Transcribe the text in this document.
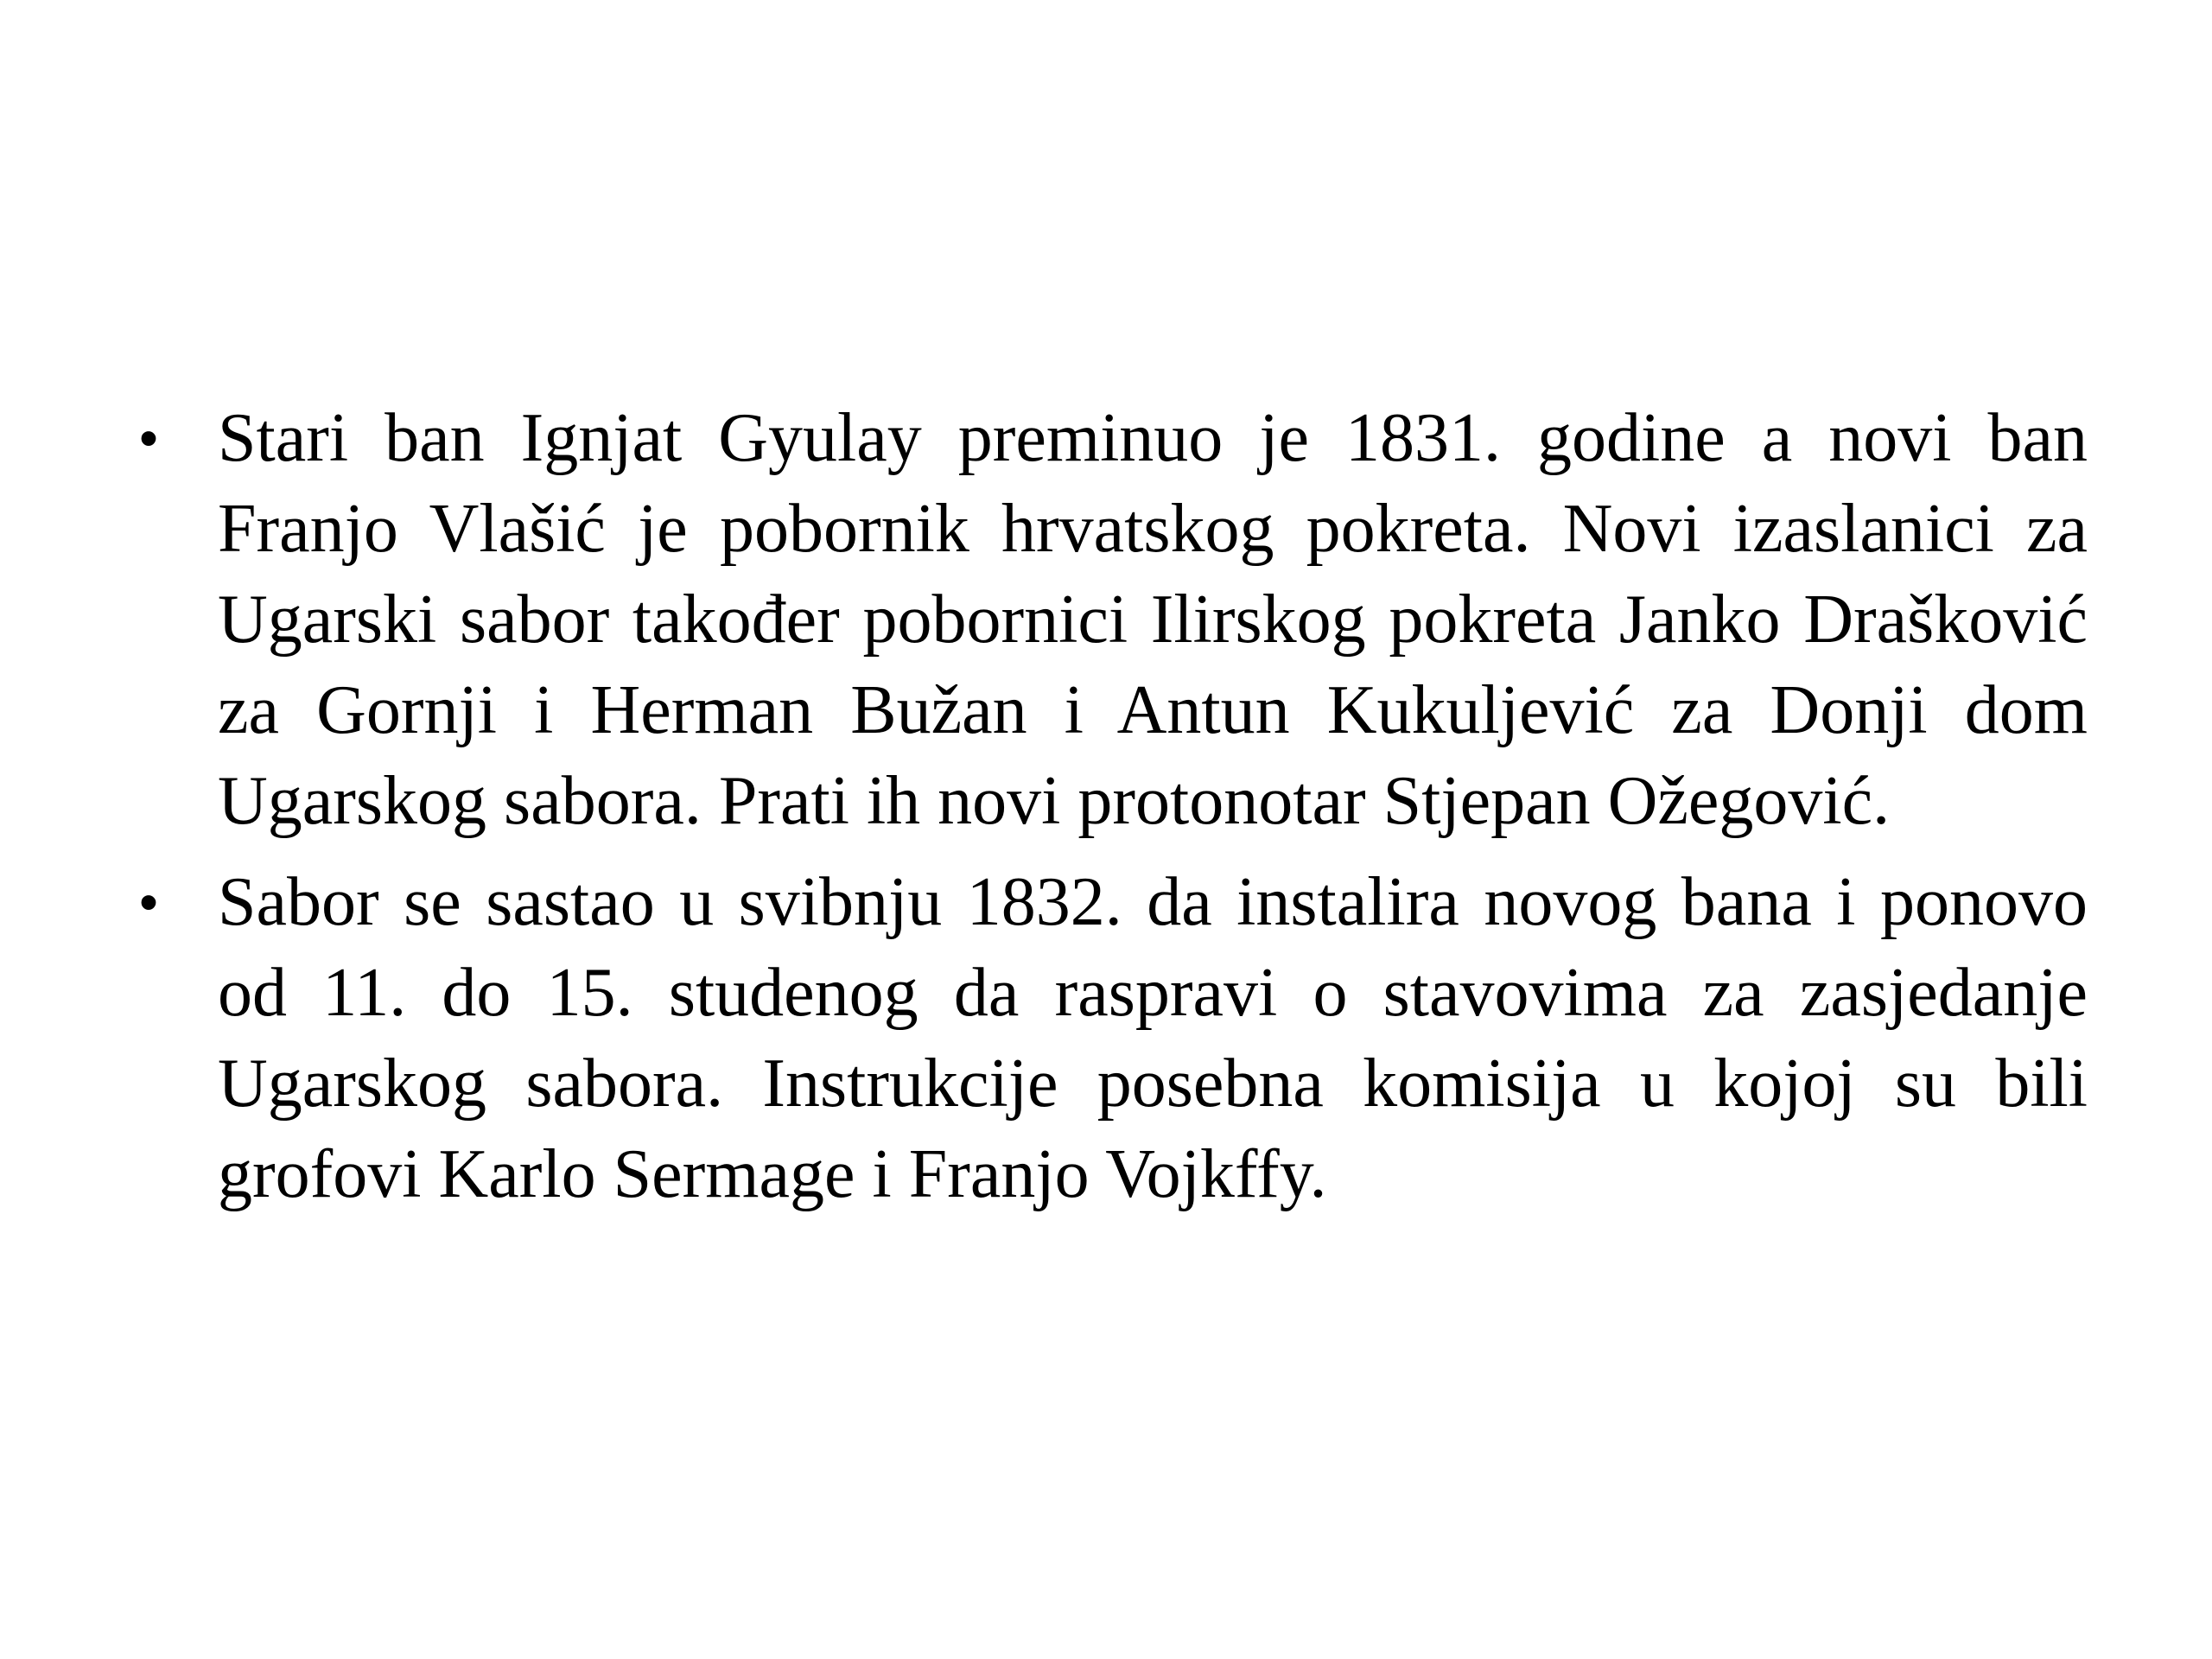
• Stari ban Ignjat Gyulay preminuo je 1831. godine a novi ban Franjo Vlašić je pobornik hrvatskog pokreta. Novi izaslanici za Ugarski sabor također pobornici Ilirskog pokreta Janko Drašković za Gornji i Herman Bužan i Antun Kukuljević za Donji dom Ugarskog sabora. Prati ih novi protonotar Stjepan Ožegović.
• Sabor se sastao u svibnju 1832. da instalira novog bana i ponovo od 11. do 15. studenog da raspravi o stavovima za zasjedanje Ugarskog sabora. Instrukcije posebna komisija u kojoj su bili grofovi Karlo Sermage i Franjo Vojkffy.
